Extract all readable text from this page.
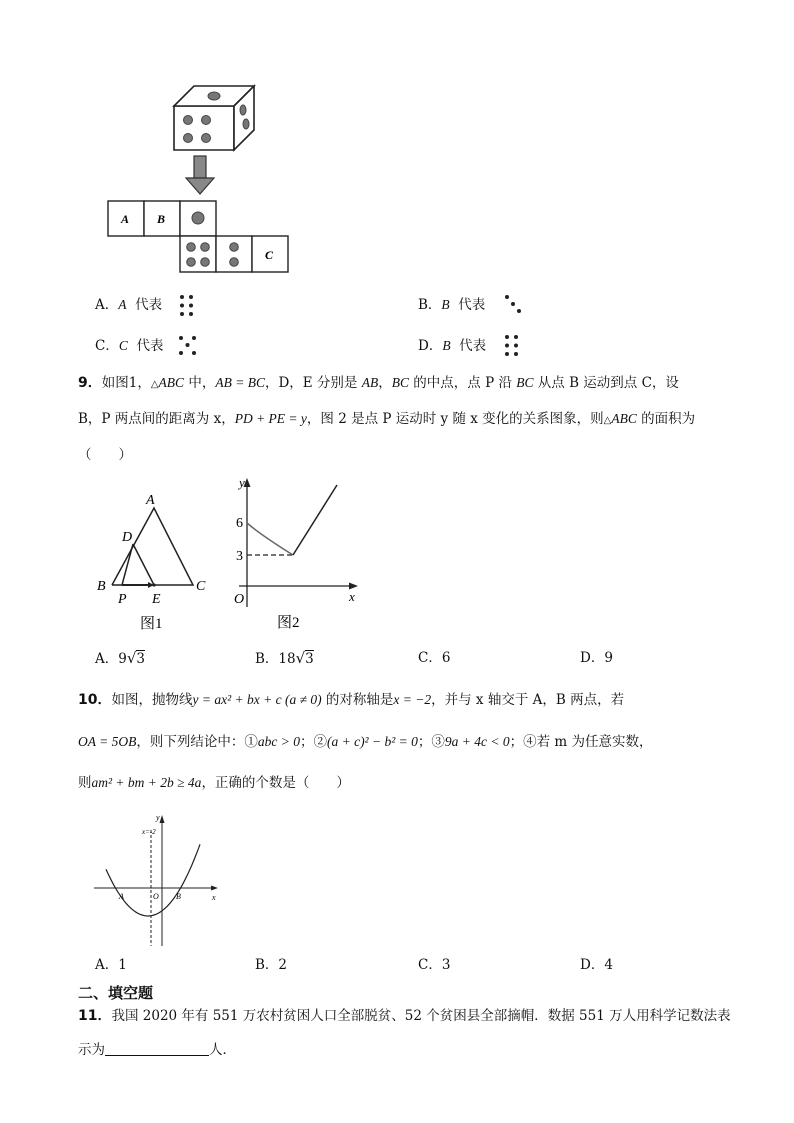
A B
C
A．A 代表	B．B 代表
C．C 代表	D．B 代表
9．如图1，△ABC 中，AB = BC，D，E 分别是 AB，BC 的中点，点 P 沿 BC 从点 B 运动到点 C，设
B，P 两点间的距离为 x，PD + PE = y，图 2 是点 P 运动时 y 随 x 变化的关系图象，则△ABC 的面积为
（　　）
A
B	C
D
P E
图1
y
x
O
6
3
图2
A．9√3	B．18√3	C．6	D．9
10．如图，抛物线y = ax² + bx + c (a ≠ 0) 的对称轴是x = −2，并与 x 轴交于 A，B 两点，若
OA = 5OB，则下列结论中：①abc > 0；②(a + c)² − b² = 0；③9a + 4c < 0；④若 m 为任意实数，
则am² + bm + 2b ≥ 4a，正确的个数是（　　）
x=-2
y
x
A	O B
A．1	B．2	C．3	D．4
二、填空题
11．我国 2020 年有 551 万农村贫困人口全部脱贫、52 个贫困县全部摘帽．数据 551 万人用科学记数法表
示为	人．
